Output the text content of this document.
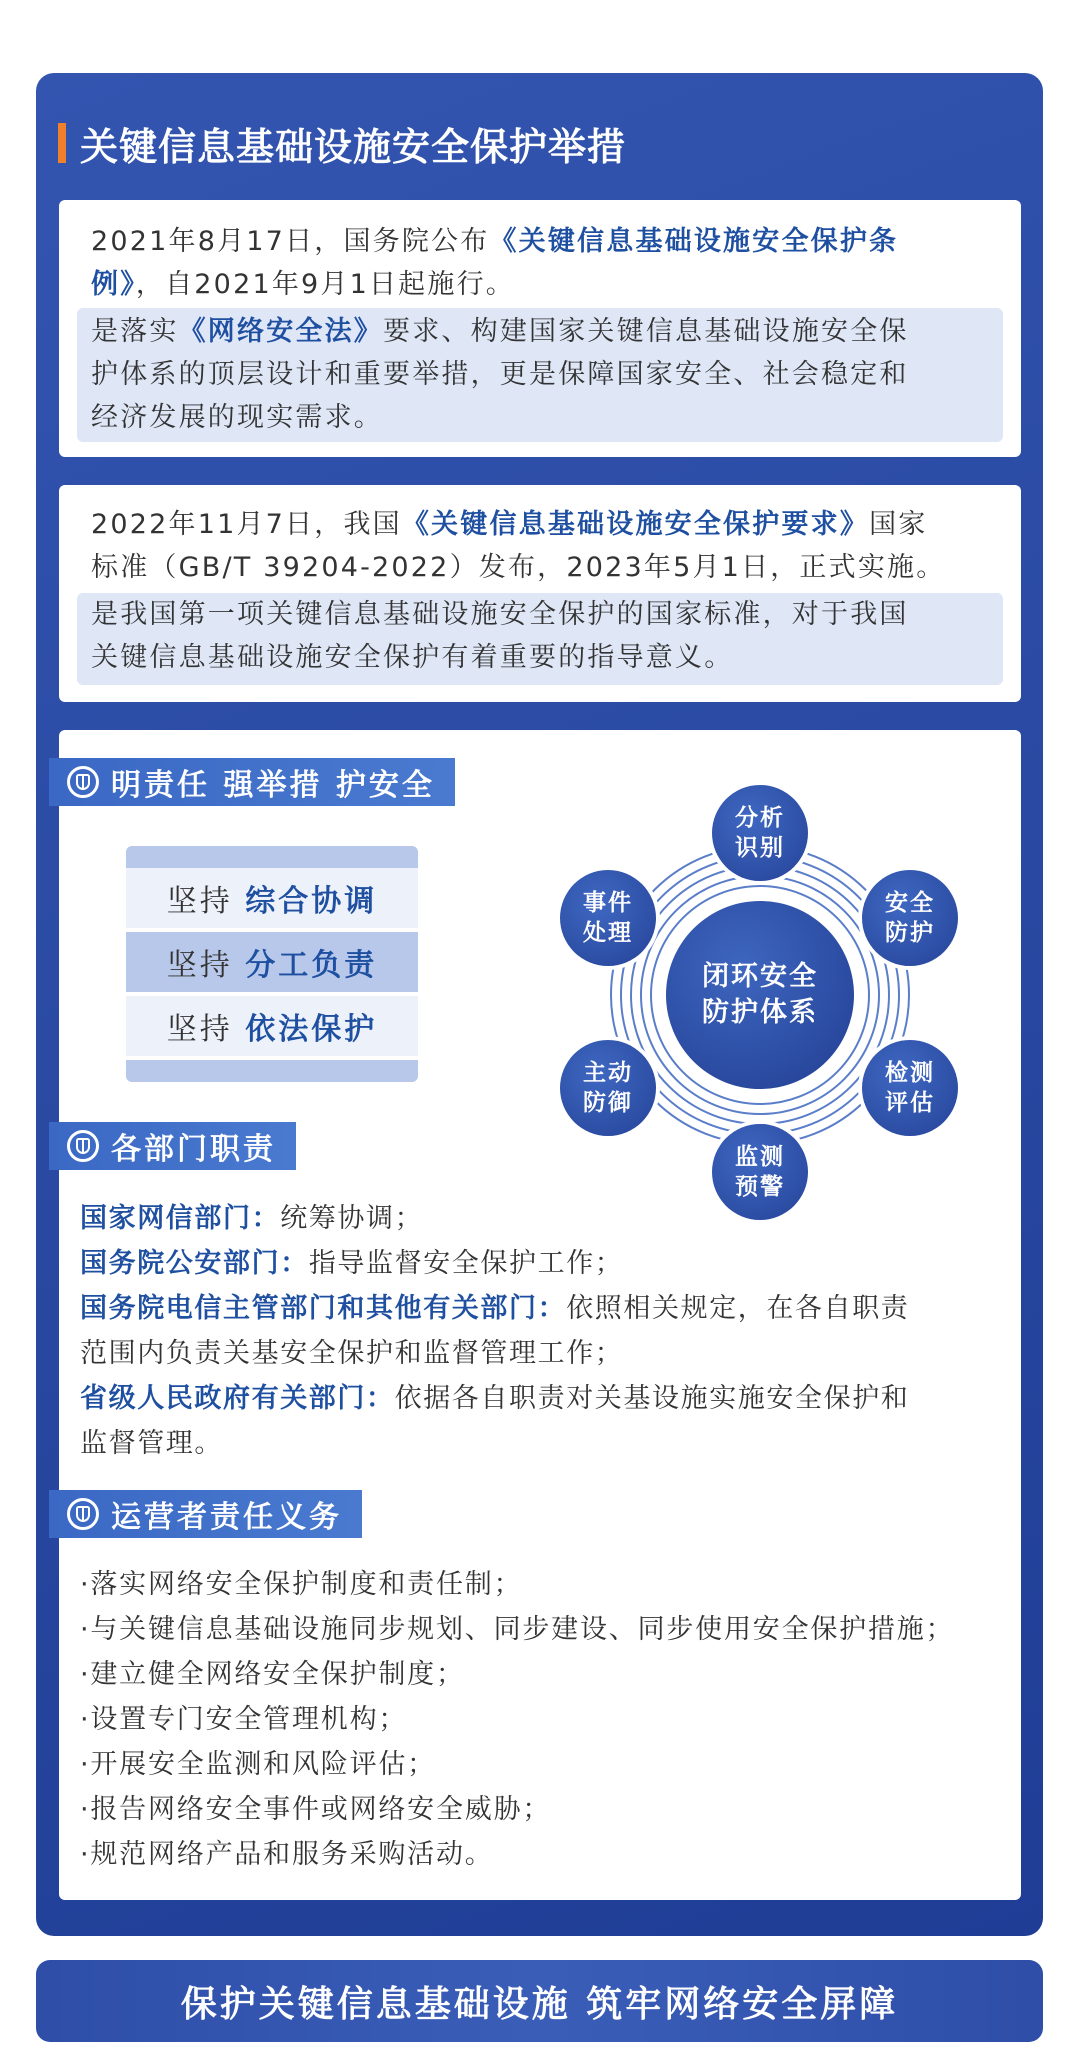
关键信息基础设施安全保护举措
2021年8月17日，国务院公布《关键信息基础设施安全保护条
例》，自2021年9月1日起施行。
是落实《网络安全法》要求、构建国家关键信息基础设施安全保
护体系的顶层设计和重要举措，更是保障国家安全、社会稳定和
经济发展的现实需求。
2022年11月7日，我国《关键信息基础设施安全保护要求》国家
标准（GB/T 39204-2022）发布，2023年5月1日，正式实施。
是我国第一项关键信息基础设施安全保护的国家标准，对于我国
关键信息基础设施安全保护有着重要的指导意义。
明责任 强举措 护安全
坚持
综合协调
坚持
分工负责
坚持
依法保护
闭环安全
防护体系
分析
识别
安全
防护
检测
评估
监测
预警
主动
防御
事件
处理
各部门职责
国家网信部门：统筹协调；
国务院公安部门：指导监督安全保护工作；
国务院电信主管部门和其他有关部门：依照相关规定，在各自职责
范围内负责关基安全保护和监督管理工作；
省级人民政府有关部门：依据各自职责对关基设施实施安全保护和
监督管理。
运营者责任义务
·落实网络安全保护制度和责任制；
·与关键信息基础设施同步规划、同步建设、同步使用安全保护措施；
·建立健全网络安全保护制度；
·设置专门安全管理机构；
·开展安全监测和风险评估；
·报告网络安全事件或网络安全威胁；
·规范网络产品和服务采购活动。
保护关键信息基础设施 筑牢网络安全屏障
